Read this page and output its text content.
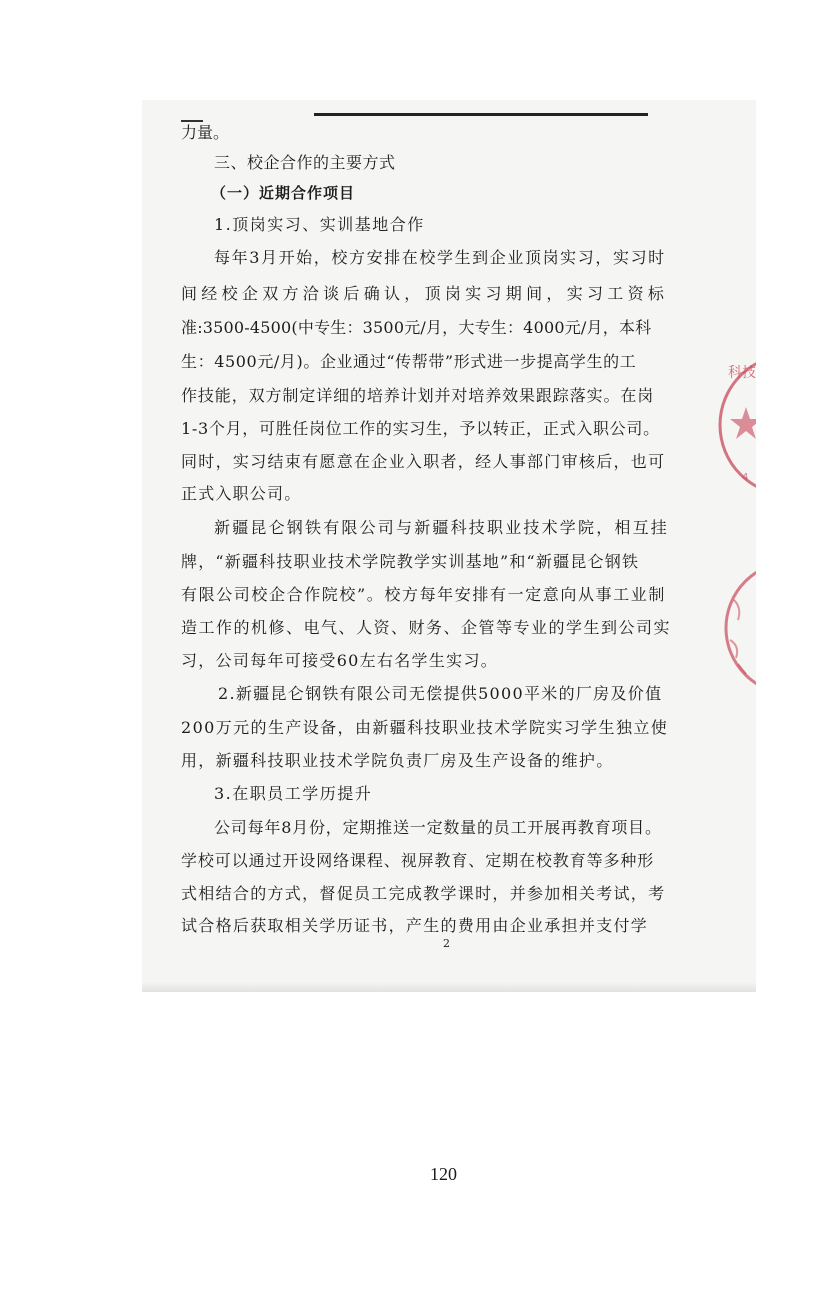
力量。
三、校企合作的主要方式
（一）近期合作项目
1.顶岗实习、实训基地合作
每年3月开始，校方安排在校学生到企业顶岗实习，实习时
间经校企双方洽谈后确认，顶岗实习期间，实习工资标
准:3500-4500(中专生：3500元/月，大专生：4000元/月，本科
生：4500元/月)。企业通过“传帮带”形式进一步提高学生的工
作技能，双方制定详细的培养计划并对培养效果跟踪落实。在岗
1-3个月，可胜任岗位工作的实习生，予以转正，正式入职公司。
同时，实习结束有愿意在企业入职者，经人事部门审核后，也可
正式入职公司。
新疆昆仑钢铁有限公司与新疆科技职业技术学院，相互挂
牌，“新疆科技职业技术学院教学实训基地”和“新疆昆仑钢铁
有限公司校企合作院校”。校方每年安排有一定意向从事工业制
造工作的机修、电气、人资、财务、企管等专业的学生到公司实
习，公司每年可接受60左右名学生实习。
2.新疆昆仑钢铁有限公司无偿提供5000平米的厂房及价值
200万元的生产设备，由新疆科技职业技术学院实习学生独立使
用，新疆科技职业技术学院负责厂房及生产设备的维护。
3.在职员工学历提升
公司每年8月份，定期推送一定数量的员工开展再教育项目。
学校可以通过开设网络课程、视屏教育、定期在校教育等多种形
式相结合的方式，督促员工完成教学课时，并参加相关考试，考
试合格后获取相关学历证书，产生的费用由企业承担并支付学
2
科技
4
120
